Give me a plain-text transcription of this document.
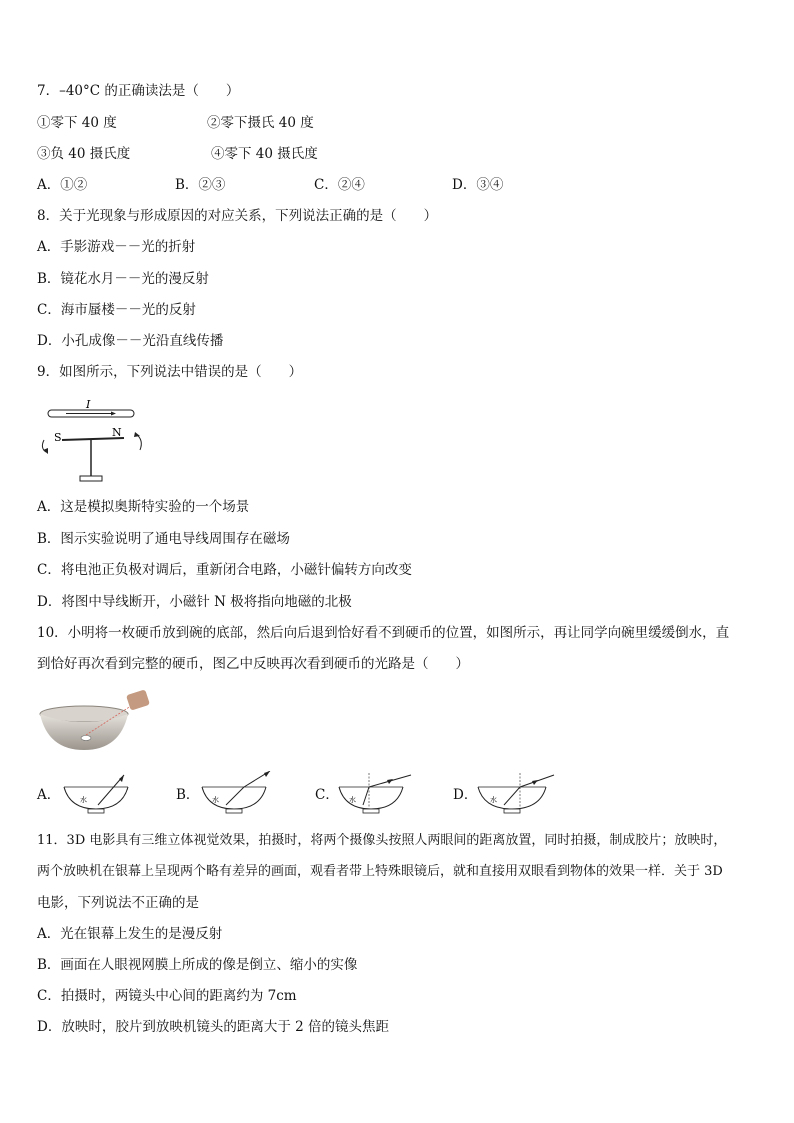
7．–40°C 的正确读法是（　　）
①零下 40 度	②零下摄氏 40 度
③负 40 摄氏度	④零下 40 摄氏度
A．①②	B．②③	C．②④	D．③④
8．关于光现象与形成原因的对应关系，下列说法正确的是（　　）
A．手影游戏－－光的折射
B．镜花水月－－光的漫反射
C．海市蜃楼－－光的反射
D．小孔成像－－光沿直线传播
9．如图所示，下列说法中错误的是（　　）
I
S	N
A．这是模拟奥斯特实验的一个场景
B．图示实验说明了通电导线周围存在磁场
C．将电池正负极对调后，重新闭合电路，小磁针偏转方向改变
D．将图中导线断开，小磁针 N 极将指向地磁的北极
10．小明将一枚硬币放到碗的底部，然后向后退到恰好看不到硬币的位置，如图所示，再让同学向碗里缓缓倒水，直
到恰好再次看到完整的硬币，图乙中反映再次看到硬币的光路是（　　）
A．	B．	C．	D．
水	水	水	水
11．3D 电影具有三维立体视觉效果，拍摄时，将两个摄像头按照人两眼间的距离放置，同时拍摄，制成胶片；放映时，
两个放映机在银幕上呈现两个略有差异的画面，观看者带上特殊眼镜后，就和直接用双眼看到物体的效果一样．关于 3D
电影，下列说法不正确的是
A．光在银幕上发生的是漫反射
B．画面在人眼视网膜上所成的像是倒立、缩小的实像
C．拍摄时，两镜头中心间的距离约为 7cm
D．放映时，胶片到放映机镜头的距离大于 2 倍的镜头焦距
